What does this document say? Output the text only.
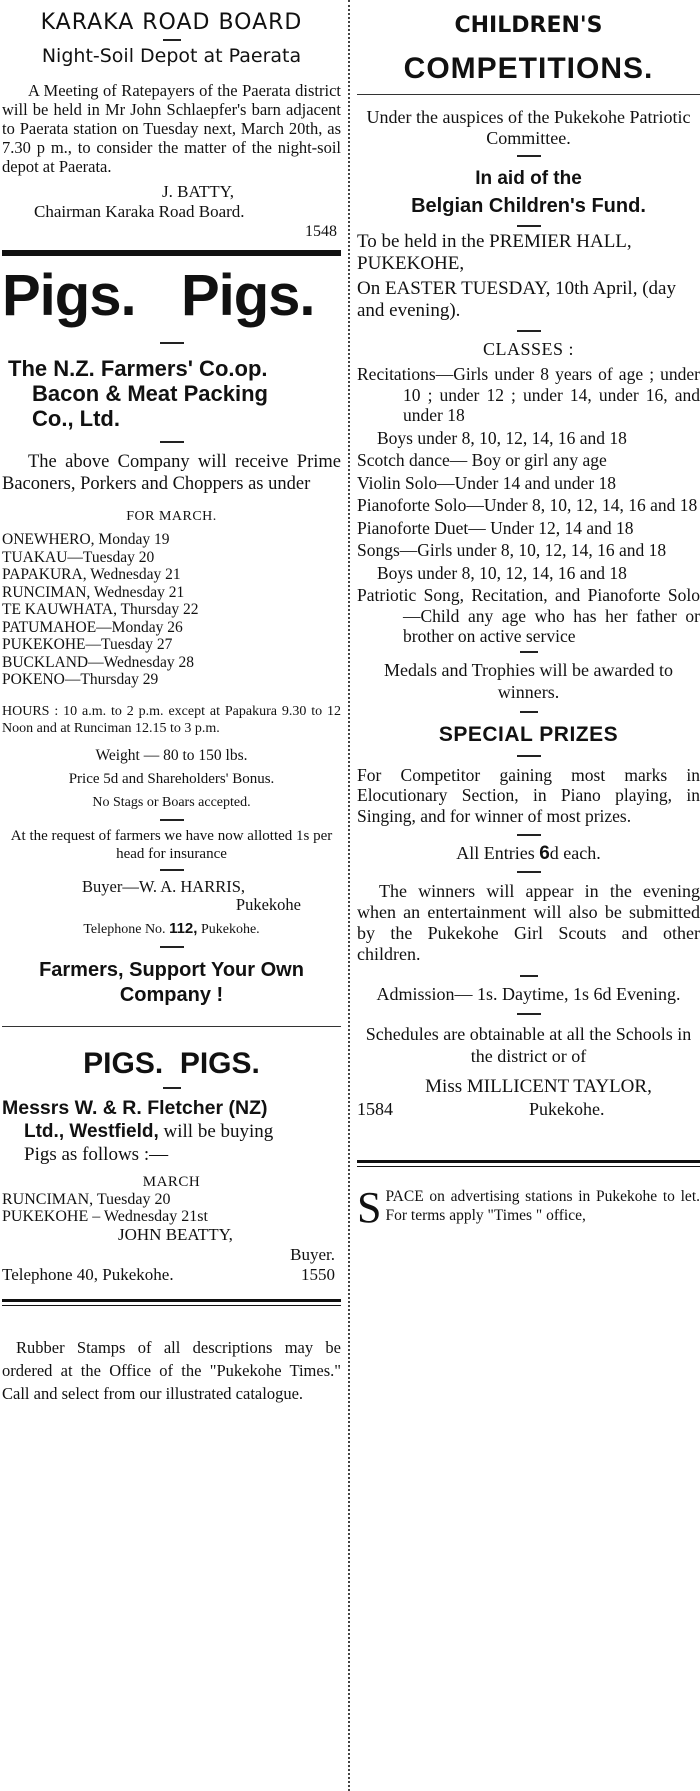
KARAKA ROAD BOARD
Night-Soil Depot at Paerata

A Meeting of Ratepayers of the Paerata district will be held in Mr John Schlaepfer's barn adjacent to Paerata station on Tuesday next, March 20th, as 7.30 p m., to consider the matter of the night-soil depot at Paerata.

J. BATTY,
Chairman Karaka Road Board.
1548
Pigs.   Pigs.
The N.Z. Farmers' Co.op.
Bacon & Meat Packing
Co., Ltd.

The above Company will receive Prime Baconers, Porkers and Choppers as under

FOR MARCH.
ONEWHERO, Monday 19
TUAKAU—Tuesday 20
PAPAKURA, Wednesday 21
RUNCIMAN, Wednesday 21
TE KAUWHATA, Thursday 22
PATUMAHOE—Monday 26
PUKEKOHE—Tuesday 27
BUCKLAND—Wednesday 28
POKENO—Thursday 29

HOURS : 10 a.m. to 2 p.m. except at Papakura 9.30 to 12 Noon and at Runciman 12.15 to 3 p.m.

Weight — 80 to 150 lbs.
Price 5d and Shareholders' Bonus.
No Stags or Boars accepted.

At the request of farmers we have now allotted 1s per head for insurance

Buyer—W. A. HARRIS,
Pukekohe
Telephone No. 112, Pukekohe.
Farmers, Support Your Own
Company !
PIGS.  PIGS.
Messrs W. & R. Fletcher (NZ)
Ltd., Westfield, will be buying
Pigs as follows :—
MARCH
RUNCIMAN, Tuesday 20
PUKEKOHE – Wednesday 21st
JOHN BEATTY,
Buyer.
Telephone 40, Pukekohe.	1550

Rubber Stamps of all descriptions may be ordered at the Office of the "Pukekohe Times." Call and select from our illustrated catalogue.

CHILDREN'S
COMPETITIONS.

Under the auspices of the Pukekohe Patriotic Committee.

In aid of the
Belgian Children's Fund.

To be held in the PREMIER HALL, PUKEKOHE,

On EASTER TUESDAY, 10th April, (day and evening).

CLASSES :

Recitations—Girls under 8 years of age ; under 10 ; under 12 ; under 14, under 16, and under 18

Boys under 8, 10, 12, 14, 16 and 18

Scotch dance— Boy or girl any age

Violin Solo—Under 14 and under 18

Pianoforte Solo—Under 8, 10, 12, 14, 16 and 18

Pianoforte Duet— Under 12, 14 and 18

Songs—Girls under 8, 10, 12, 14, 16 and 18

Boys under 8, 10, 12, 14, 16 and 18

Patriotic Song, Recitation, and Pianoforte Solo—Child any age who has her father or brother on active service

Medals and Trophies will be awarded to winners.

SPECIAL PRIZES

For Competitor gaining most marks in Elocutionary Section, in Piano playing, in Singing, and for winner of most prizes.

All Entries 6d each.

The winners will appear in the evening when an entertainment will also be submitted by the Pukekohe Girl Scouts and other children.

Admission— 1s. Daytime, 1s 6d Evening.

Schedules are obtainable at all the Schools in the district or of

Miss MILLICENT TAYLOR,
1584	Pukekohe.
S PACE on advertising stations in Pukekohe to let. For terms apply "Times " office,
